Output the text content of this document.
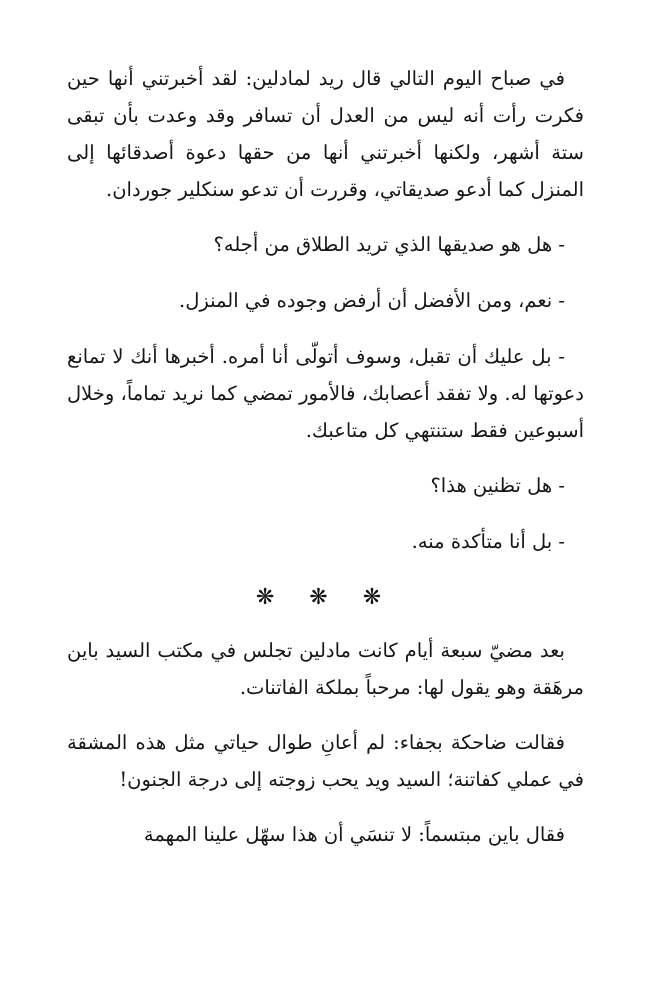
في صباح اليوم التالي قال ريد لمادلين: لقد أخبرتني أنها حين فكرت رأت أنه ليس من العدل أن تسافر وقد وعدت بأن تبقى ستة أشهر، ولكنها أخبرتني أنها من حقها دعوة أصدقائها إلى المنزل كما أدعو صديقاتي، وقررت أن تدعو سنكلير جوردان.

- هل هو صديقها الذي تريد الطلاق من أجله؟

- نعم، ومن الأفضل أن أرفض وجوده في المنزل.

- بل عليك أن تقبل، وسوف أتولّى أنا أمره. أخبرها أنك لا تمانع دعوتها له. ولا تفقد أعصابك، فالأمور تمضي كما نريد تماماً، وخلال أسبوعين فقط ستنتهي كل متاعبك.

- هل تظنين هذا؟

- بل أنا متأكدة منه.

❋ ❋ ❋

بعد مضيّ سبعة أيام كانت مادلين تجلس في مكتب السيد باين مرهَقة وهو يقول لها: مرحباً بملكة الفاتنات.

فقالت ضاحكة بجفاء: لم أعانِ طوال حياتي مثل هذه المشقة في عملي كفاتنة؛ السيد ويد يحب زوجته إلى درجة الجنون!

فقال باين مبتسماً: لا تنسَي أن هذا سهّل علينا المهمة
